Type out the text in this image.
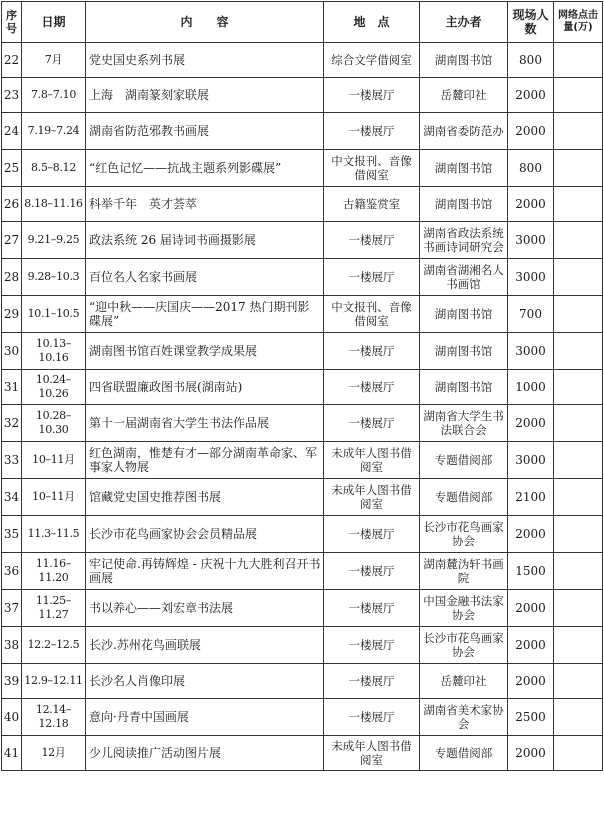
序号	日期	内　　容	地　点	主办者	现场人数	网络点击量(万)
22	7月	党史国史系列书展	综合文学借阅室	湖南图书馆	800	
23	7.8–7.10	上海　湖南篆刻家联展	一楼展厅	岳麓印社	2000	
24	7.19–7.24	湖南省防范邪教书画展	一楼展厅	湖南省委防范办	2000	
25	8.5–8.12	“红色记忆——抗战主题系列影碟展”	中文报刊、音像借阅室	湖南图书馆	800	
26	8.18–11.16	科举千年　英才荟萃	古籍鉴赏室	湖南图书馆	2000	
27	9.21–9.25	政法系统 26 届诗词书画摄影展	一楼展厅	湖南省政法系统书画诗词研究会	3000	
28	9.28–10.3	百位名人名家书画展	一楼展厅	湖南省湖湘名人书画馆	3000	
29	10.1–10.5	“迎中秋——庆国庆——2017 热门期刊影碟展”	中文报刊、音像借阅室	湖南图书馆	700	
30	10.13–10.16	湖南图书馆百姓课堂教学成果展	一楼展厅	湖南图书馆	3000	
31	10.24–10.26	四省联盟廉政图书展(湖南站)	一楼展厅	湖南图书馆	1000	
32	10.28–10.30	第十一届湖南省大学生书法作品展	一楼展厅	湖南省大学生书法联合会	2000	
33	10–11月	红色湖南，惟楚有才—部分湖南革命家、军事家人物展	未成年人图书借阅室	专题借阅部	3000	
34	10–11月	馆藏党史国史推荐图书展	未成年人图书借阅室	专题借阅部	2100	
35	11.3–11.5	长沙市花鸟画家协会会员精品展	一楼展厅	长沙市花鸟画家协会	2000	
36	11.16–11.20	牢记使命.再铸辉煌 - 庆祝十九大胜利召开书画展	一楼展厅	湖南麓沩轩书画院	1500	
37	11.25–11.27	书以养心——刘宏章书法展	一楼展厅	中国金融书法家协会	2000	
38	12.2–12.5	长沙.苏州花鸟画联展	一楼展厅	长沙市花鸟画家协会	2000	
39	12.9–12.11	长沙名人肖像印展	一楼展厅	岳麓印社	2000	
40	12.14–12.18	意向·丹青中国画展	一楼展厅	湖南省美术家协会	2500	
41	12月	少儿阅读推广活动图片展	未成年人图书借阅室	专题借阅部	2000	
